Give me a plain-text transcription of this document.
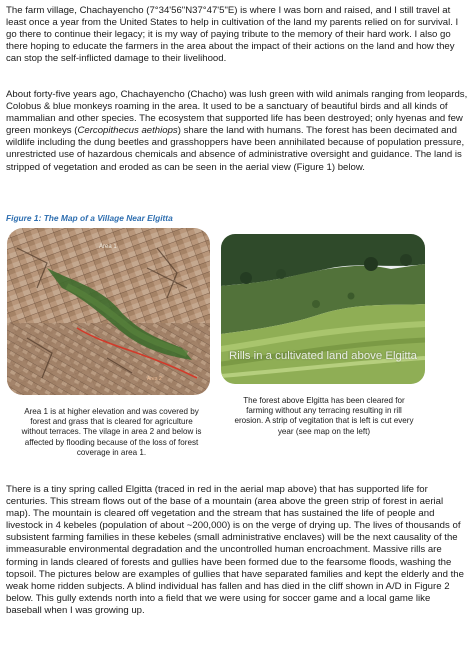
The farm village, Chachayencho (7°34'56"N37°47'5"E) is where I was born and raised, and I still travel at least once a year from the United States to help in cultivation of the land my parents relied on for survival. I go there to continue their legacy; it is my way of paying tribute to the memory of their hard work. I also go there hoping to educate the farmers in the area about the impact of their actions on the land and how they can stop the self-inflicted damage to their livelihood.

About forty-five years ago, Chachayencho (Chacho) was lush green with wild animals ranging from leopards, Colobus & blue monkeys roaming in the area. It used to be a sanctuary of beautiful birds and all kinds of mammalian and other species. The ecosystem that supported life has been destroyed; only hyenas and few green monkeys (Cercopithecus aethiops) share the land with humans. The forest has been decimated and wildlife including the dung beetles and grasshoppers have been annihilated because of population pressure, unrestricted use of hazardous chemicals and absence of administrative oversight and guidance. The land is stripped of vegetation and eroded as can be seen in the aerial view (Figure 1) below.

Figure 1: The Map of a Village Near Elgitta
Area 1
Area 2
Rills in a cultivated land above Elgitta

Area 1 is at higher elevation and was covered by forest and grass that is cleared for agriculture without terraces. The vilage in area 2 and below is affected by flooding because of the loss of forest coverage in area 1.

The forest above Elgitta has been cleared for farming without any terracing resulting in rill erosion. A strip of vegitation that is left is cut every year (see map on the left)

There is a tiny spring called Elgitta (traced in red in the aerial map above) that has supported life for centuries. This stream flows out of the base of a mountain (area above the green strip of forest in aerial map). The mountain is cleared off vegetation and the stream that has sustained the life of people and livestock in 4 kebeles (population of about ~200,000) is on the verge of drying up. The lives of thousands of subsistent farming families in these kebeles (small administrative enclaves) will be the next causality of the immeasurable environmental degradation and the uncontrolled human encroachment. Massive rills are forming in lands cleared of forests and gullies have been formed due to the fearsome floods, washing the topsoil. The pictures below are examples of gullies that have separated families and kept the elderly and the weak home ridden subjects. A blind individual has fallen and has died in the cliff shown in A/D in Figure 2 below. This gully extends north into a field that we were using for soccer game and a local game like baseball when I was growing up.
